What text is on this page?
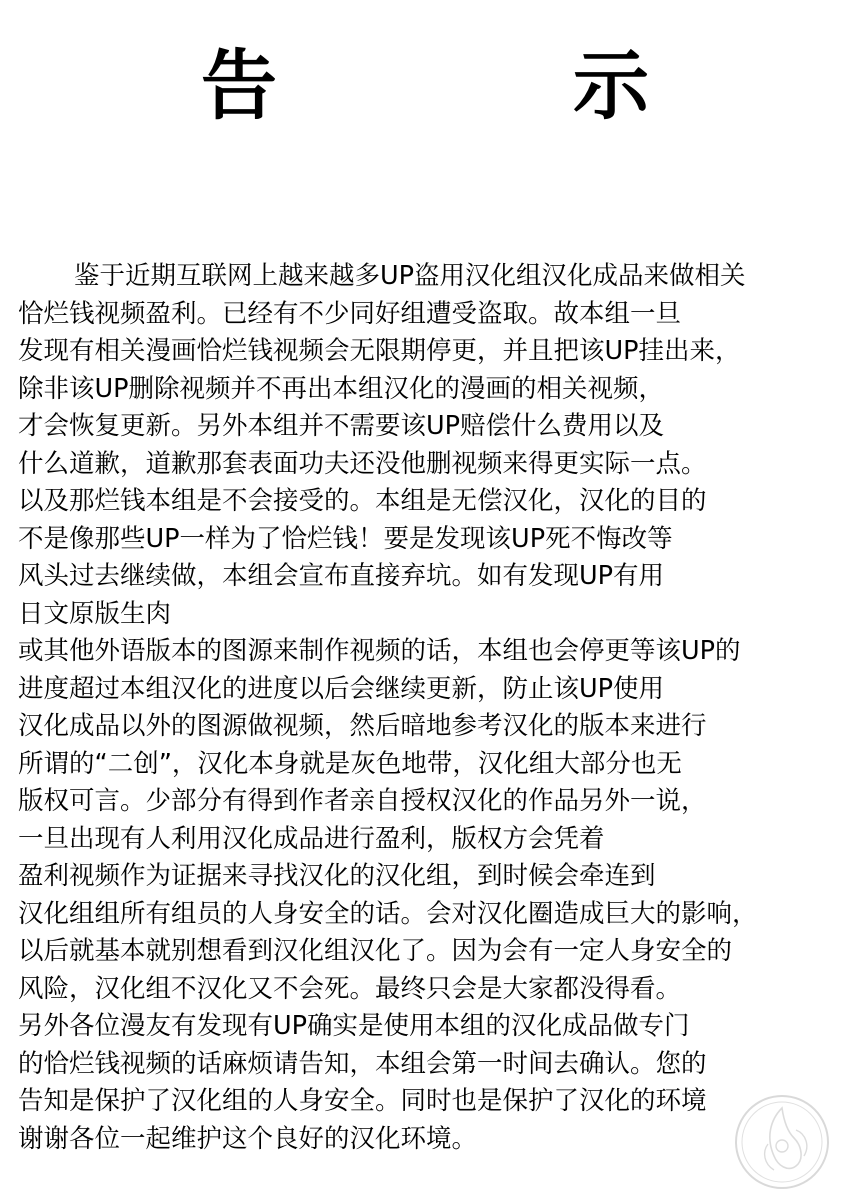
告　　示
鉴于近期互联网上越来越多UP盗用汉化组汉化成品来做相关
恰烂钱视频盈利。已经有不少同好组遭受盗取。故本组一旦
发现有相关漫画恰烂钱视频会无限期停更，并且把该UP挂出来，
除非该UP删除视频并不再出本组汉化的漫画的相关视频，
才会恢复更新。另外本组并不需要该UP赔偿什么费用以及
什么道歉，道歉那套表面功夫还没他删视频来得更实际一点。
以及那烂钱本组是不会接受的。本组是无偿汉化，汉化的目的
不是像那些UP一样为了恰烂钱！要是发现该UP死不悔改等
风头过去继续做，本组会宣布直接弃坑。如有发现UP有用
日文原版生肉
或其他外语版本的图源来制作视频的话，本组也会停更等该UP的
进度超过本组汉化的进度以后会继续更新，防止该UP使用
汉化成品以外的图源做视频，然后暗地参考汉化的版本来进行
所谓的“二创”，汉化本身就是灰色地带，汉化组大部分也无
版权可言。少部分有得到作者亲自授权汉化的作品另外一说，
一旦出现有人利用汉化成品进行盈利，版权方会凭着
盈利视频作为证据来寻找汉化的汉化组，到时候会牵连到
汉化组组所有组员的人身安全的话。会对汉化圈造成巨大的影响，
以后就基本就别想看到汉化组汉化了。因为会有一定人身安全的
风险，汉化组不汉化又不会死。最终只会是大家都没得看。
另外各位漫友有发现有UP确实是使用本组的汉化成品做专门
的恰烂钱视频的话麻烦请告知，本组会第一时间去确认。您的
告知是保护了汉化组的人身安全。同时也是保护了汉化的环境
谢谢各位一起维护这个良好的汉化环境。
